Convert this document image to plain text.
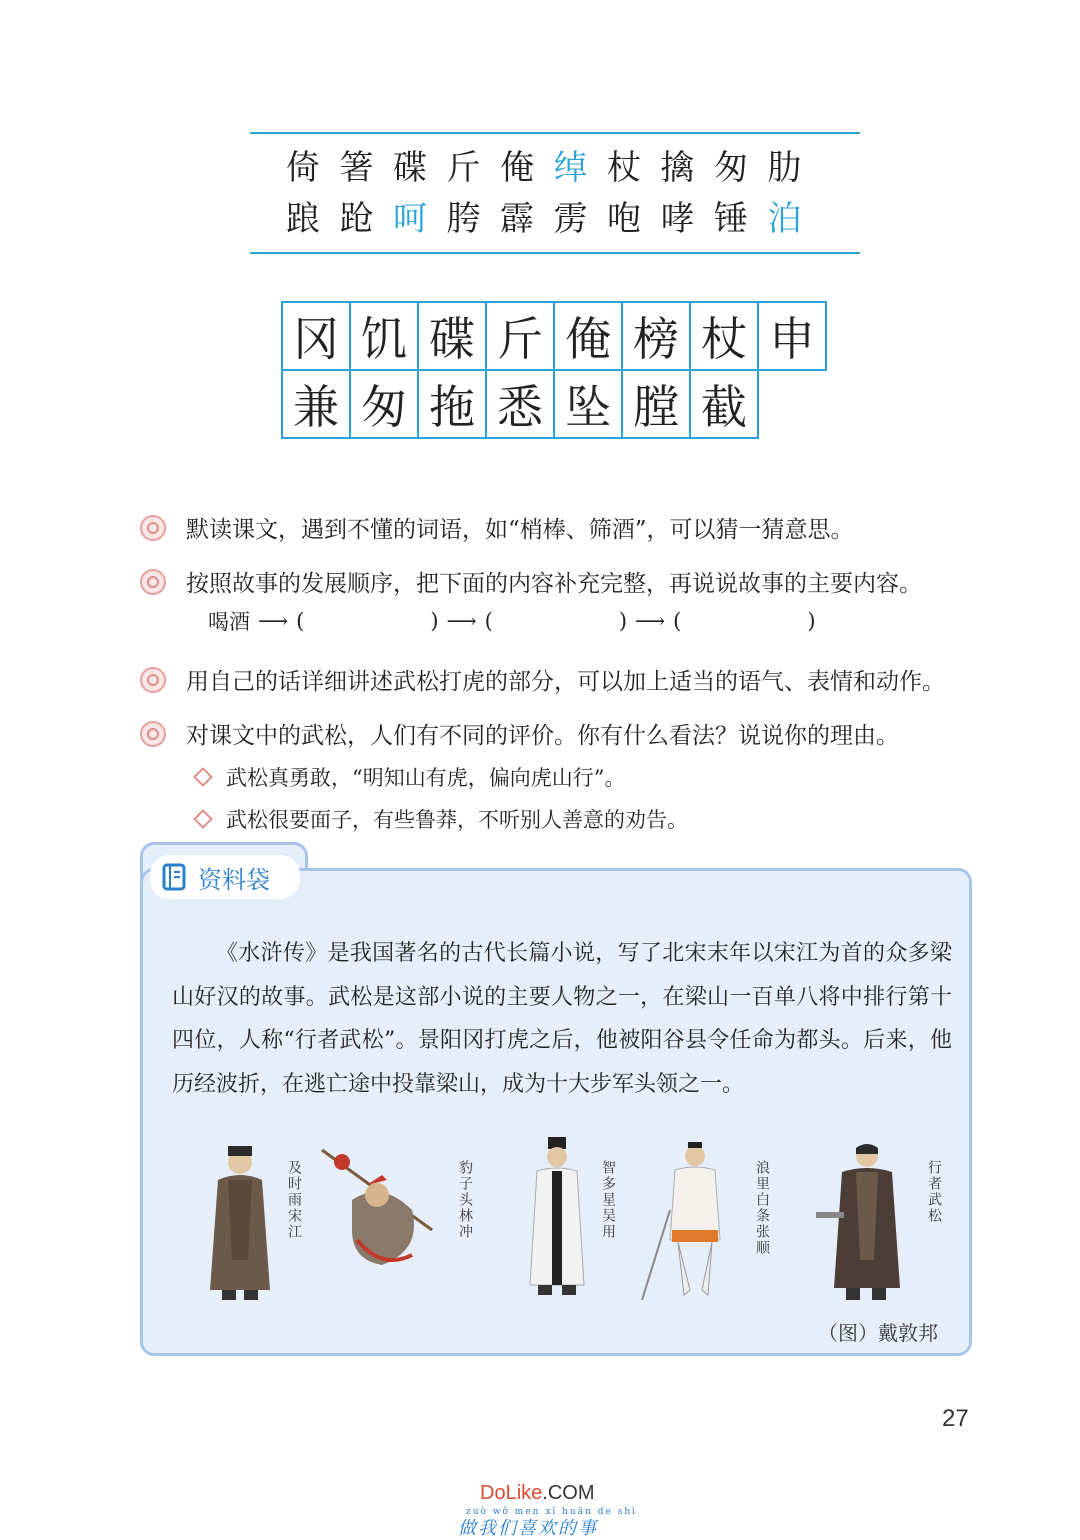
倚 箸 碟 斤 俺 绰 杖 擒 匆 肋
踉 跄 呵 胯 霹 雳 咆 哮 锤 泊
冈 饥 碟 斤 俺 榜 杖 申
兼 匆 拖 悉 坠 膛 截
默读课文，遇到不懂的词语，如“梢棒、筛酒”，可以猜一猜意思。
按照故事的发展顺序，把下面的内容补充完整，再说说故事的主要内容。
喝酒 ⟶ (	) ⟶ (	) ⟶ (	)
用自己的话详细讲述武松打虎的部分，可以加上适当的语气、表情和动作。
对课文中的武松，人们有不同的评价。你有什么看法？说说你的理由。
武松真勇敢，“明知山有虎，偏向虎山行”。
武松很要面子，有些鲁莽，不听别人善意的劝告。
资料袋
《水浒传》是我国著名的古代长篇小说，写了北宋末年以宋江为首的众多梁山好汉的故事。武松是这部小说的主要人物之一，在梁山一百单八将中排行第十四位，人称“行者武松”。景阳冈打虎之后，他被阳谷县令任命为都头。后来，他历经波折，在逃亡途中投靠梁山，成为十大步军头领之一。
及时雨宋江	豹子头林冲	智多星吴用	浪里白条张顺	行者武松
（图）戴敦邦
27
DoLike.COM
zuò wǒ men xǐ huān de shì
做我们喜欢的事
